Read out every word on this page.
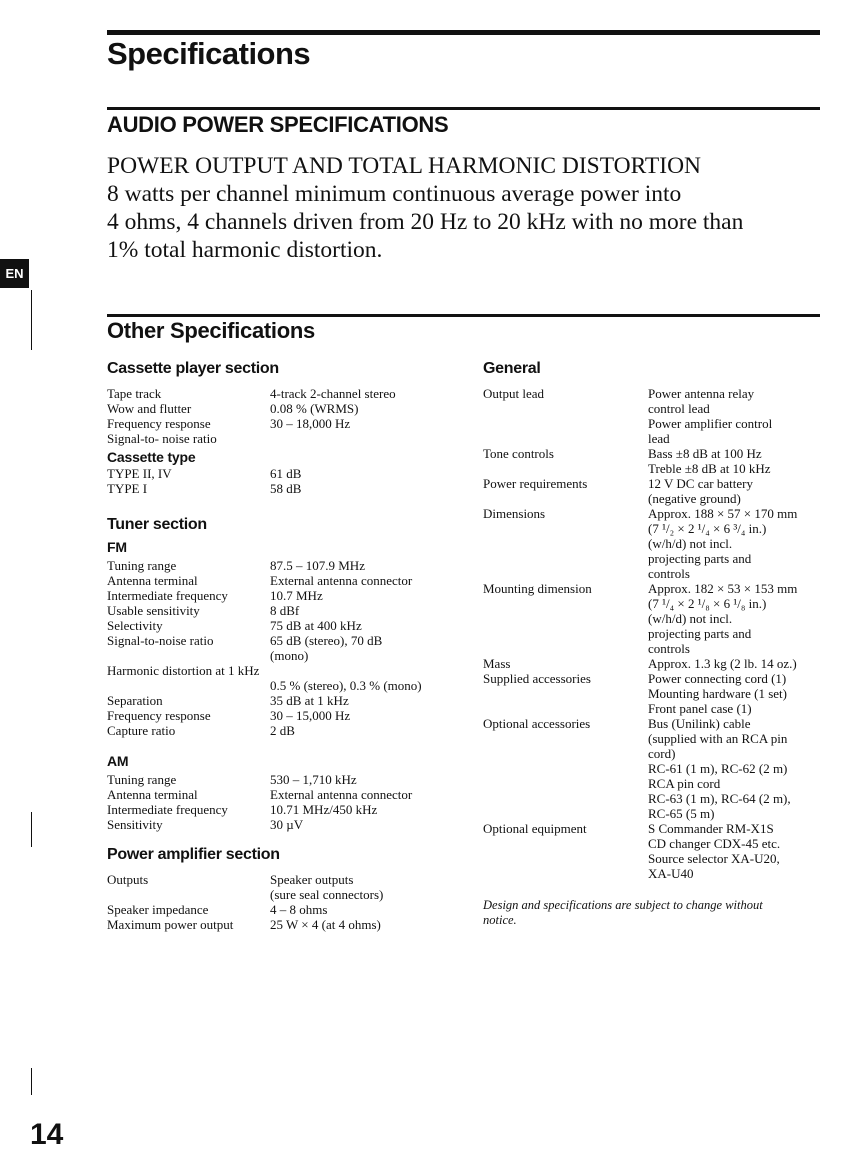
Specifications
AUDIO POWER SPECIFICATIONS
POWER OUTPUT AND TOTAL HARMONIC DISTORTION
8 watts per channel minimum continuous average power into
4 ohms, 4 channels driven from 20 Hz to 20 kHz with no more than
1% total harmonic distortion.
EN
Other Specifications
Cassette player section
Tape track	4-track 2-channel stereo
Wow and flutter	0.08 % (WRMS)
Frequency response	30 – 18,000 Hz
Signal-to- noise ratio
Cassette type
TYPE II, IV	61 dB
TYPE I	58 dB
Tuner section
FM
Tuning range	87.5 – 107.9 MHz
Antenna terminal	External antenna connector
Intermediate frequency	10.7 MHz
Usable sensitivity	8 dBf
Selectivity	75 dB at 400 kHz
Signal-to-noise ratio	65 dB (stereo), 70 dB
(mono)
Harmonic distortion at 1 kHz
0.5 % (stereo), 0.3 % (mono)
Separation	35 dB at 1 kHz
Frequency response	30 – 15,000 Hz
Capture ratio	2 dB
AM
Tuning range	530 – 1,710 kHz
Antenna terminal	External antenna connector
Intermediate frequency	10.71 MHz/450 kHz
Sensitivity	30 µV
Power amplifier section
Outputs	Speaker outputs
(sure seal connectors)
Speaker impedance	4 – 8 ohms
Maximum power output	25 W × 4 (at 4 ohms)
General
Output lead	Power antenna relay
control lead
Power amplifier control
lead
Tone controls	Bass ±8 dB at 100 Hz
Treble ±8 dB at 10 kHz
Power requirements	12 V DC car battery
(negative ground)
Dimensions	Approx. 188 × 57 × 170 mm
(7 ¹/₂ × 2 ¹/₄ × 6 ³/₄ in.)
(w/h/d) not incl.
projecting parts and
controls
Mounting dimension	Approx. 182 × 53 × 153 mm
(7 ¹/₄ × 2 ¹/₈ × 6 ¹/₈ in.)
(w/h/d) not incl.
projecting parts and
controls
Mass	Approx. 1.3 kg (2 lb. 14 oz.)
Supplied accessories	Power connecting cord (1)
Mounting hardware (1 set)
Front panel case (1)
Optional accessories	Bus (Unilink) cable
(supplied with an RCA pin
cord)
RC-61 (1 m), RC-62 (2 m)
RCA pin cord
RC-63 (1 m), RC-64 (2 m),
RC-65 (5 m)
Optional equipment	S Commander RM-X1S
CD changer CDX-45 etc.
Source selector XA-U20,
XA-U40
Design and specifications are subject to change without
notice.
14
